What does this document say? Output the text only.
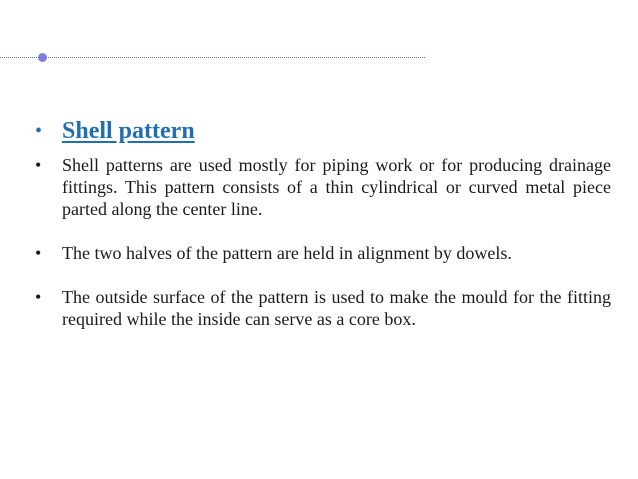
• Shell pattern
• Shell patterns are used mostly for piping work or for producing drainage fittings. This pattern consists of a thin cylindrical or curved metal piece parted along the center line.
• The two halves of the pattern are held in alignment by dowels.
• The outside surface of the pattern is used to make the mould for the fitting required while the inside can serve as a core box.
